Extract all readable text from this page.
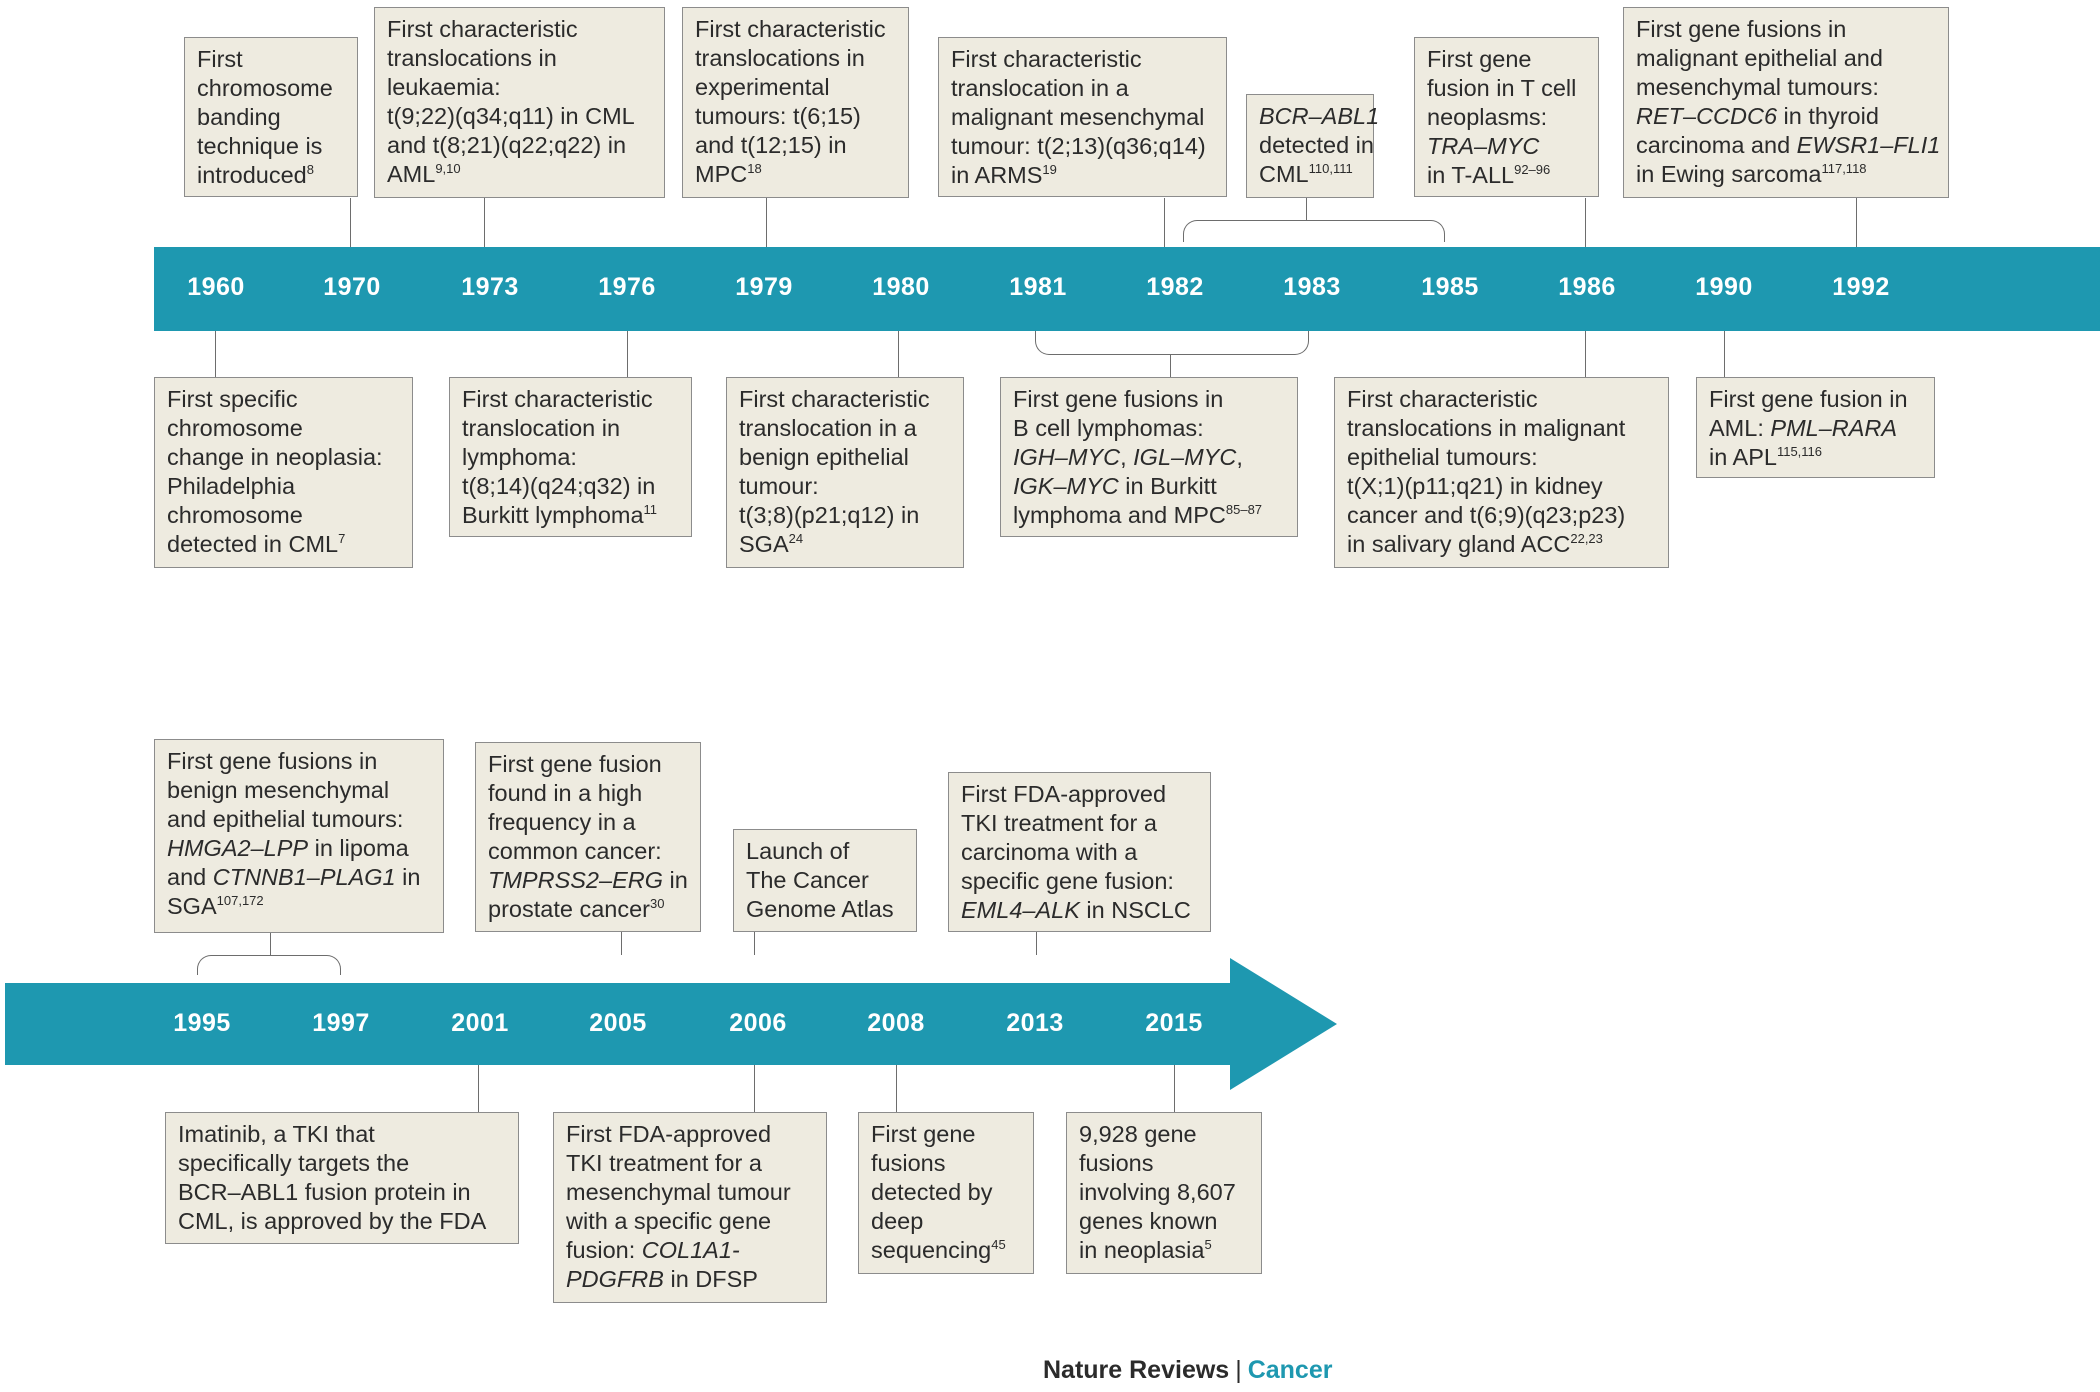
1960	1970	1973	1976	1979	1980	1981	1982	1983	1985	1986	1990	1992
1995	1997	2001	2005	2006	2008	2013	2015
First
chromosome
banding
technique is
introduced$^8$
First characteristic
translocations in
leukaemia:
t(9;22)(q34;q11) in CML
and t(8;21)(q22;q22) in
AML$^{9,10}$
First characteristic
translocations in
experimental
tumours: t(6;15)
and t(12;15) in
MPC$^{18}$
First characteristic
translocation in a
malignant mesenchymal
tumour: t(2;13)(q36;q14)
in ARMS$^{19}$
BCR–ABL1
detected in
CML$^{110,111}$
First gene
fusion in T cell
neoplasms:
TRA–MYC
in T-ALL$^{92-96}$
First gene fusions in
malignant epithelial and
mesenchymal tumours:
RET–CCDC6 in thyroid
carcinoma and EWSR1–FLI1
in Ewing sarcoma$^{117,118}$
First specific
chromosome
change in neoplasia:
Philadelphia
chromosome
detected in CML$^7$
First characteristic
translocation in
lymphoma:
t(8;14)(q24;q32) in
Burkitt lymphoma$^{11}$
First characteristic
translocation in a
benign epithelial
tumour:
t(3;8)(p21;q12) in
SGA$^{24}$
First gene fusions in
B cell lymphomas:
IGH–MYC, IGL–MYC,
IGK–MYC in Burkitt
lymphoma and MPC$^{85-87}$
First characteristic
translocations in malignant
epithelial tumours:
t(X;1)(p11;q21) in kidney
cancer and t(6;9)(q23;p23)
in salivary gland ACC$^{22,23}$
First gene fusion in
AML: PML–RARA
in APL$^{115,116}$
First gene fusions in
benign mesenchymal
and epithelial tumours:
HMGA2–LPP in lipoma
and CTNNB1–PLAG1 in
SGA$^{107,172}$
First gene fusion
found in a high
frequency in a
common cancer:
TMPRSS2–ERG in
prostate cancer$^{30}$
Launch of
The Cancer
Genome Atlas
First FDA-approved
TKI treatment for a
carcinoma with a
specific gene fusion:
EML4–ALK in NSCLC
Imatinib, a TKI that
specifically targets the
BCR–ABL1 fusion protein in
CML, is approved by the FDA
First FDA-approved
TKI treatment for a
mesenchymal tumour
with a specific gene
fusion: COL1A1-
PDGFRB in DFSP
First gene
fusions
detected by
deep
sequencing$^{45}$
9,928 gene
fusions
involving 8,607
genes known
in neoplasia$^5$
Nature Reviews | Cancer
